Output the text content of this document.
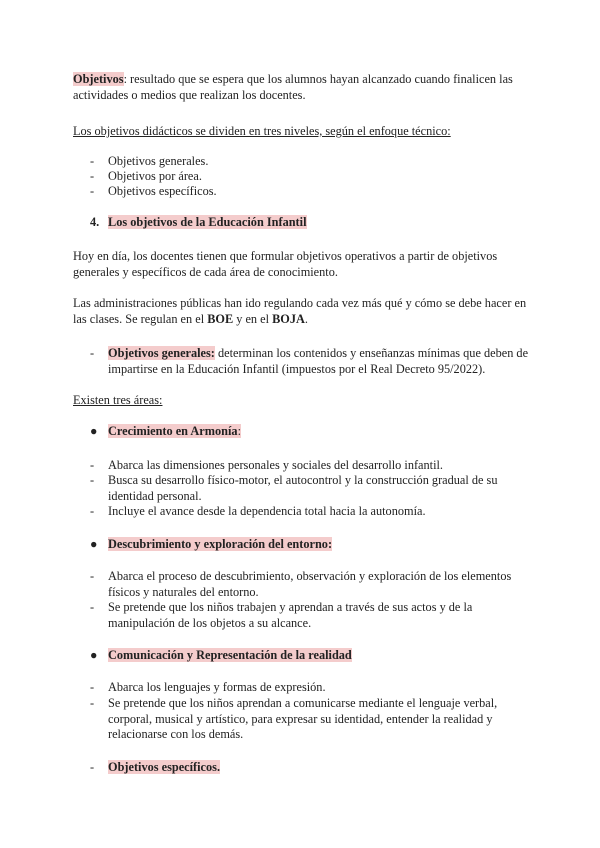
Objetivos: resultado que se espera que los alumnos hayan alcanzado cuando finalicen las actividades o medios que realizan los docentes.
Los objetivos didácticos se dividen en tres niveles, según el enfoque técnico:
- Objetivos generales.
- Objetivos por área.
- Objetivos específicos.
4. Los objetivos de la Educación Infantil
Hoy en día, los docentes tienen que formular objetivos operativos a partir de objetivos generales y específicos de cada área de conocimiento.
Las administraciones públicas han ido regulando cada vez más qué y cómo se debe hacer en las clases. Se regulan en el BOE y en el BOJA.
- Objetivos generales: determinan los contenidos y enseñanzas mínimas que deben de impartirse en la Educación Infantil (impuestos por el Real Decreto 95/2022).
Existen tres áreas:
● Crecimiento en Armonía:
- Abarca las dimensiones personales y sociales del desarrollo infantil.
- Busca su desarrollo físico-motor, el autocontrol y la construcción gradual de su identidad personal.
- Incluye el avance desde la dependencia total hacia la autonomía.
● Descubrimiento y exploración del entorno:
- Abarca el proceso de descubrimiento, observación y exploración de los elementos físicos y naturales del entorno.
- Se pretende que los niños trabajen y aprendan a través de sus actos y de la manipulación de los objetos a su alcance.
● Comunicación y Representación de la realidad
- Abarca los lenguajes y formas de expresión.
- Se pretende que los niños aprendan a comunicarse mediante el lenguaje verbal, corporal, musical y artístico, para expresar su identidad, entender la realidad y relacionarse con los demás.
- Objetivos específicos.
